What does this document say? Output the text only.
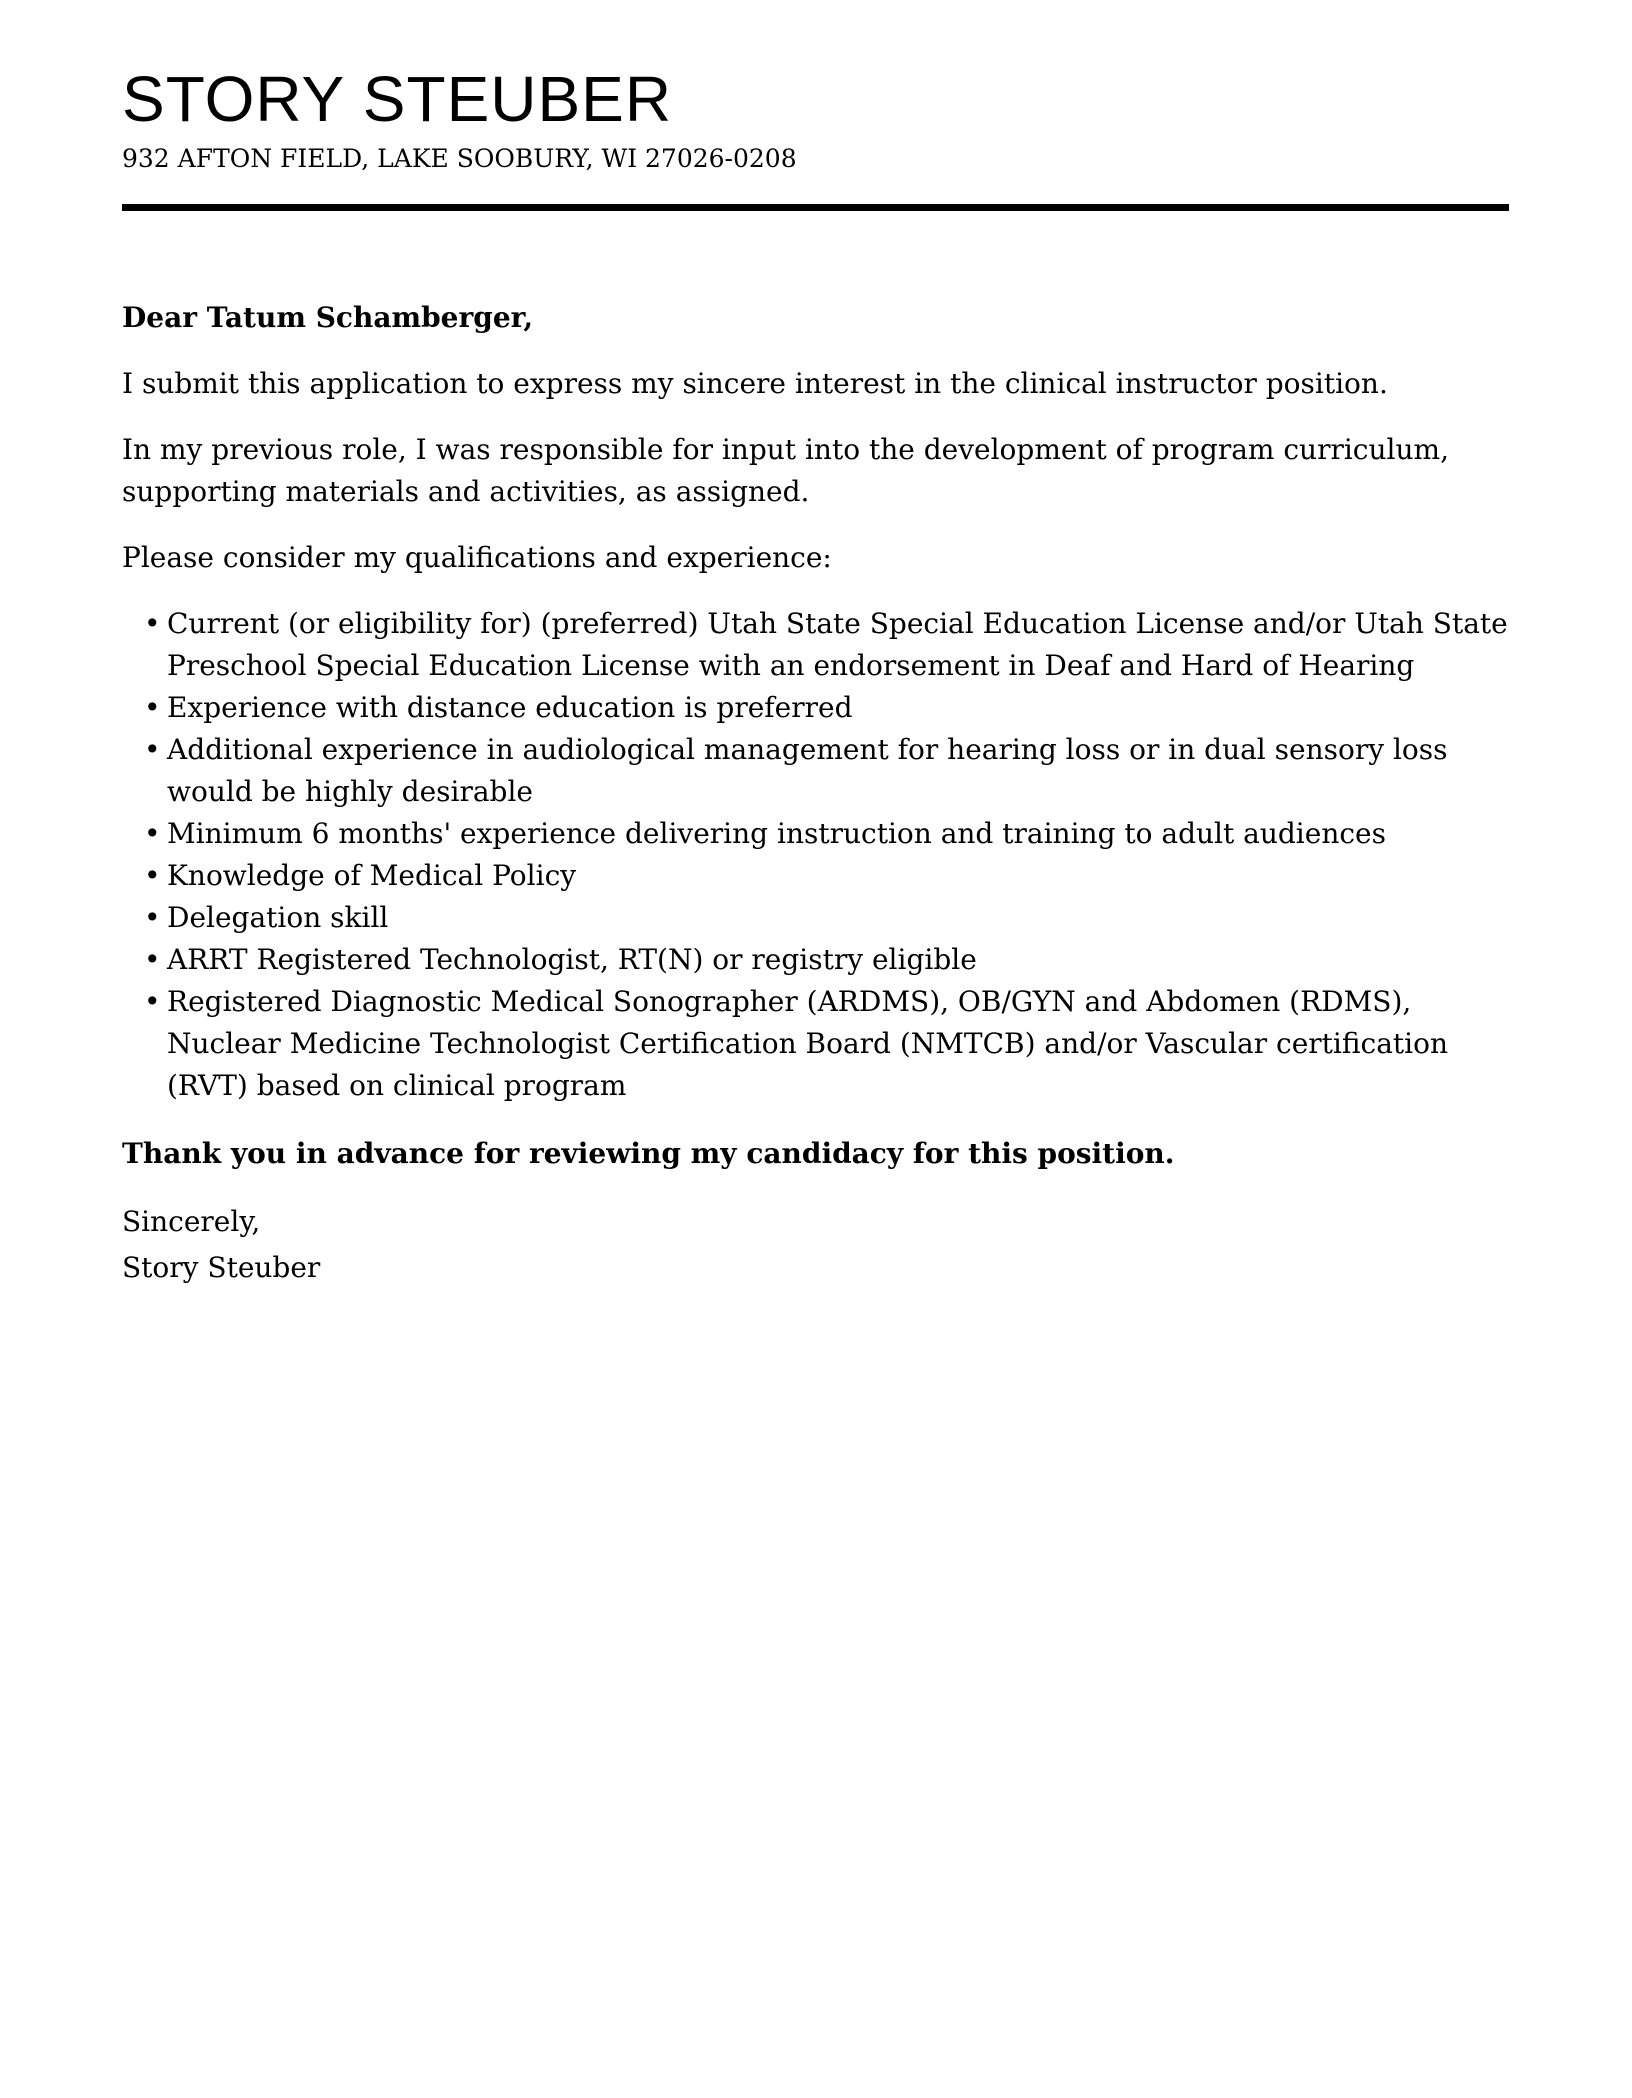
STORY STEUBER
932 AFTON FIELD, LAKE SOOBURY, WI 27026-0208

Dear Tatum Schamberger,

I submit this application to express my sincere interest in the clinical instructor position.

In my previous role, I was responsible for input into the development of program curriculum, supporting materials and activities, as assigned.

Please consider my qualifications and experience:

• Current (or eligibility for) (preferred) Utah State Special Education License and/or Utah State Preschool Special Education License with an endorsement in Deaf and Hard of Hearing
• Experience with distance education is preferred
• Additional experience in audiological management for hearing loss or in dual sensory loss would be highly desirable
• Minimum 6 months' experience delivering instruction and training to adult audiences
• Knowledge of Medical Policy
• Delegation skill
• ARRT Registered Technologist, RT(N) or registry eligible
• Registered Diagnostic Medical Sonographer (ARDMS), OB/GYN and Abdomen (RDMS), Nuclear Medicine Technologist Certification Board (NMTCB) and/or Vascular certification (RVT) based on clinical program

Thank you in advance for reviewing my candidacy for this position.

Sincerely,
Story Steuber
